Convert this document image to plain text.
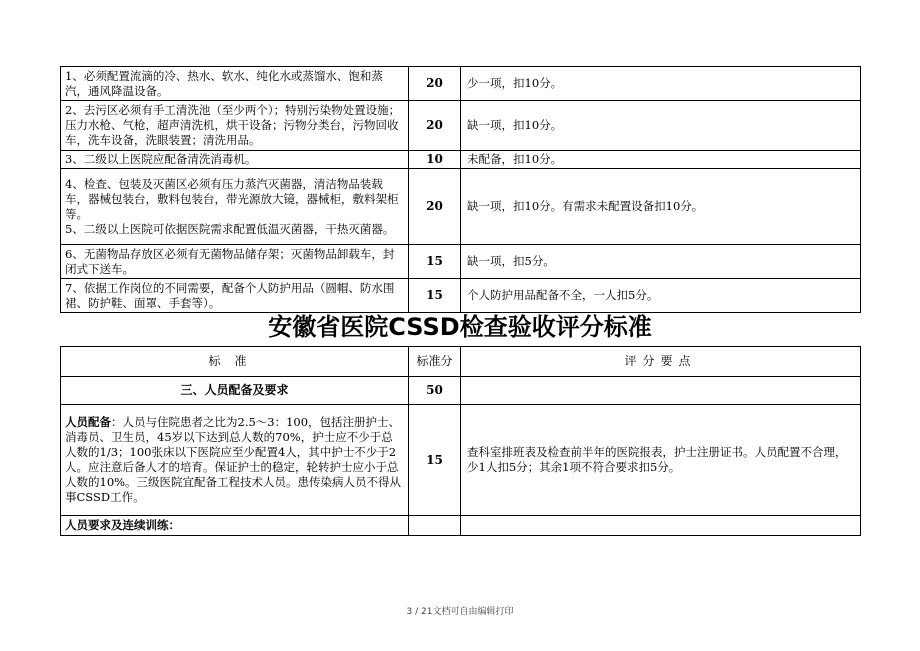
1、必须配置流滴的冷、热水、软水、纯化水或蒸馏水、饱和蒸汽，通风降温设备。	20	少一项，扣10分。
2、去污区必须有手工清洗池（至少两个）；特别污染物处置设施；压力水枪、气枪，超声清洗机，烘干设备；污物分类台，污物回收车，洗车设备，洗眼装置；清洗用品。	20	缺一项，扣10分。
3、二级以上医院应配备清洗消毒机。	10	未配备，扣10分。

4、检查、包装及灭菌区必须有压力蒸汽灭菌器，清洁物品装载车，器械包装台，敷料包装台，带光源放大镜，器械柜，敷料架柜等。
5、二级以上医院可依据医院需求配置低温灭菌器，干热灭菌器。	20	缺一项，扣10分。有需求未配置设备扣10分。
6、无菌物品存放区必须有无菌物品储存架；灭菌物品卸载车，封闭式下送车。	15	缺一项，扣5分。
7、依据工作岗位的不同需要，配备个人防护用品（圆帽、防水围裙、防护鞋、面罩、手套等）。	15	个人防护用品配备不全，一人扣5分。
安徽省医院CSSD检查验收评分标准
标准	标准分	评分要点
三、人员配备及要求	50	
人员配备：人员与住院患者之比为2.5～3：100，包括注册护士、消毒员、卫生员，45岁以下达到总人数的70%，护士应不少于总人数的1/3；100张床以下医院应至少配置4人，其中护士不少于2人。应注意后备人才的培育。保证护士的稳定，轮转护士应小于总人数的10%。三级医院宜配备工程技术人员。患传染病人员不得从事CSSD工作。	15	查科室排班表及检查前半年的医院报表，护士注册证书。人员配置不合理，少1人扣5分；其余1项不符合要求扣5分。
人员要求及连续训练：		
3 / 21文档可自由编辑打印
